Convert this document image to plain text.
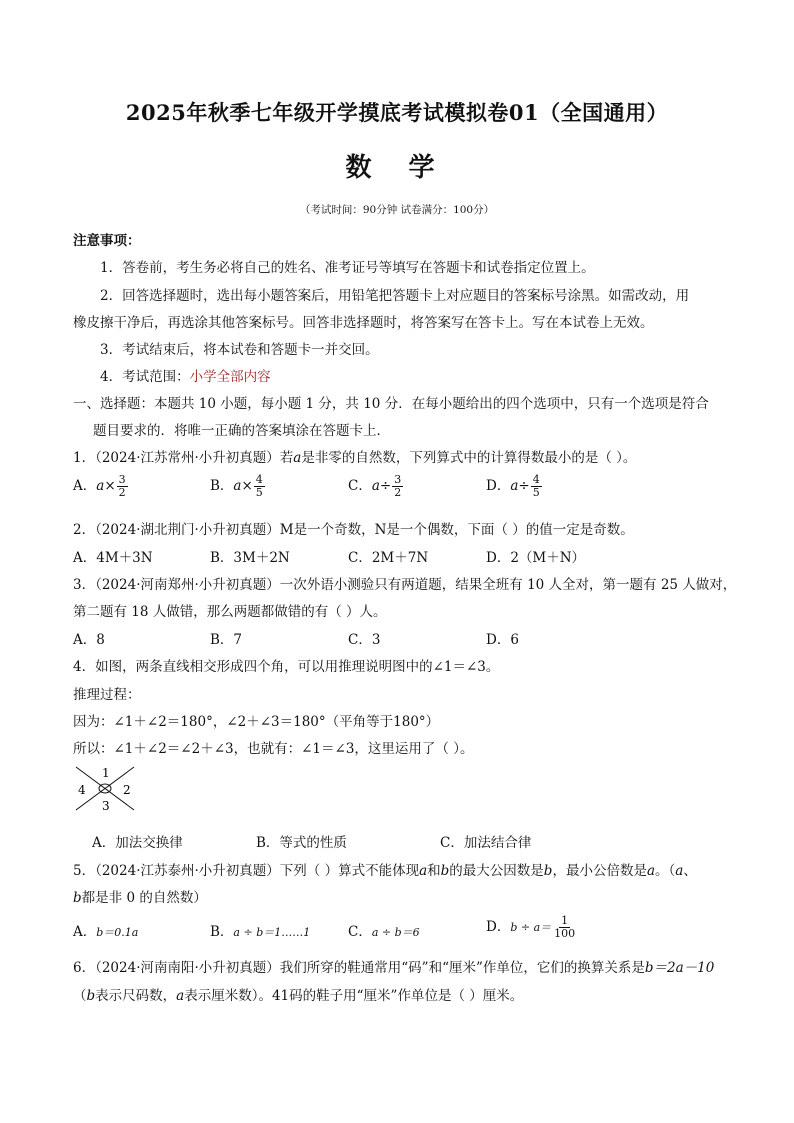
2025年秋季七年级开学摸底考试模拟卷01（全国通用）
数 学
（考试时间：90分钟 试卷满分：100分）
注意事项：
1．答卷前，考生务必将自己的姓名、准考证号等填写在答题卡和试卷指定位置上。
2．回答选择题时，选出每小题答案后，用铅笔把答题卡上对应题目的答案标号涂黑。如需改动，用
橡皮擦干净后，再选涂其他答案标号。回答非选择题时，将答案写在答卡上。写在本试卷上无效。
3．考试结束后，将本试卷和答题卡一并交回。
4．考试范围：小学全部内容
一、选择题：本题共 10 小题，每小题 1 分，共 10 分．在每小题给出的四个选项中，只有一个选项是符合
题目要求的．将唯一正确的答案填涂在答题卡上．
1．（2024·江苏常州·小升初真题）若a是非零的自然数，下列算式中的计算得数最小的是（ ）。
A．$a\times \frac{3}{2}$	B．$a\times \frac{4}{5}$	C．$a\div \frac{3}{2}$	D．$a\div \frac{4}{5}$
2．（2024·湖北荆门·小升初真题）M是一个奇数，N是一个偶数，下面（ ）的值一定是奇数。
A．4M＋3N	B．3M＋2N	C．2M＋7N	D．2（M＋N）
3．（2024·河南郑州·小升初真题）一次外语小测验只有两道题，结果全班有 10 人全对，第一题有 25 人做对，
第二题有 18 人做错，那么两题都做错的有（ ）人。
A．8	B．7	C．3	D．6
4．如图，两条直线相交形成四个角，可以用推理说明图中的∠1＝∠3。
推理过程：
因为：∠1＋∠2＝180°，∠2＋∠3＝180°（平角等于180°）
所以：∠1＋∠2＝∠2＋∠3，也就有：∠1＝∠3，这里运用了（ ）。
1
2
3
4
A．加法交换律	B．等式的性质	C．加法结合律
5．（2024·江苏泰州·小升初真题）下列（ ）算式不能体现a和b的最大公因数是b，最小公倍数是a。（a、
b都是非 0 的自然数）
A．b＝0.1a	B．a ÷ b＝1……1	C．a ÷ b＝6	D．$b \div a= \frac{1}{100}$
6．（2024·河南南阳·小升初真题）我们所穿的鞋通常用“码”和“厘米”作单位，它们的换算关系是b＝2a－10
（b表示尺码数，a表示厘米数）。41码的鞋子用“厘米”作单位是（ ）厘米。
